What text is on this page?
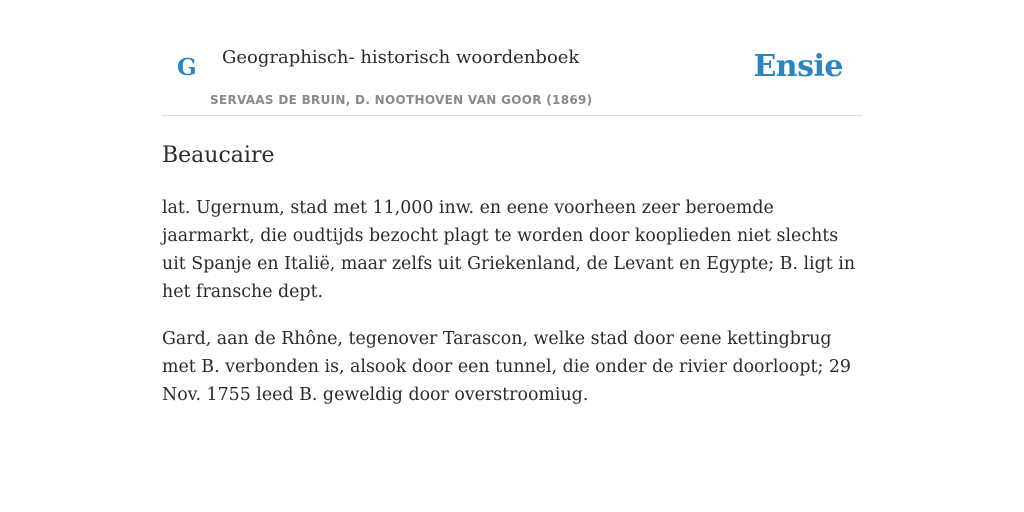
G Geographisch- historisch woordenboek
SERVAAS DE BRUIN, D. NOOTHOVEN VAN GOOR (1869)
Ensie
Beaucaire

lat. Ugernum, stad met 11,000 inw. en eene voorheen zeer beroemde jaarmarkt, die oudtijds bezocht plagt te worden door kooplieden niet slechts uit Spanje en Italië, maar zelfs uit Griekenland, de Levant en Egypte; B. ligt in het fransche dept.

Gard, aan de Rhône, tegenover Tarascon, welke stad door eene kettingbrug met B. verbonden is, alsook door een tunnel, die onder de rivier doorloopt; 29 Nov. 1755 leed B. geweldig door overstroomiug.
